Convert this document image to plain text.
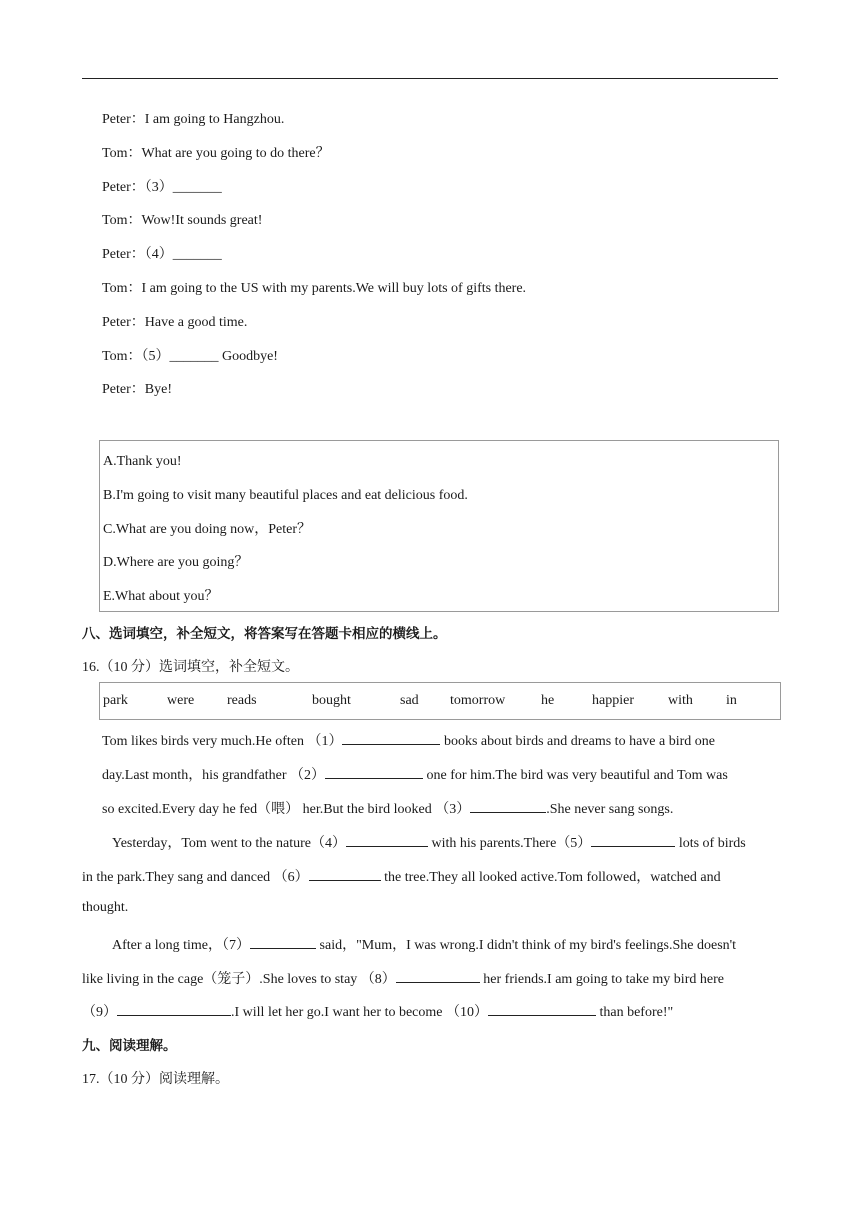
Peter：I am going to Hangzhou.
Tom：What are you going to do there？
Peter：（3）_______
Tom：Wow!It sounds great!
Peter：（4）_______
Tom：I am going to the US with my parents.We will buy lots of gifts there.
Peter：Have a good time.
Tom：（5）_______ Goodbye!
Peter：Bye!
A.Thank you!
B.I'm going to visit many beautiful places and eat delicious food.
C.What are you doing now，Peter？
D.Where are you going？
E.What about you？
八、选词填空，补全短文，将答案写在答题卡相应的横线上。
16.（10 分）选词填空，补全短文。
park	were reads	bought	sad tomorrow	he	happier with in
Tom likes birds very much.He often （1）	books about birds and dreams to have a bird one
day.Last month，his grandfather （2）	one for him.The bird was very beautiful and Tom was
so excited.Every day he fed（喂） her.But the bird looked （3）	.She never sang songs.
Yesterday，Tom went to the nature（4）	with his parents.There（5）	lots of birds
in the park.They sang and danced （6）	the tree.They all looked active.Tom followed，watched and
thought.
After a long time，（7）	said，"Mum，I was wrong.I didn't think of my bird's feelings.She doesn't
like living in the cage（笼子）.She loves to stay （8）	her friends.I am going to take my bird here
（9）	.I will let her go.I want her to become （10）	than before!"
九、阅读理解。
17.（10 分）阅读理解。
